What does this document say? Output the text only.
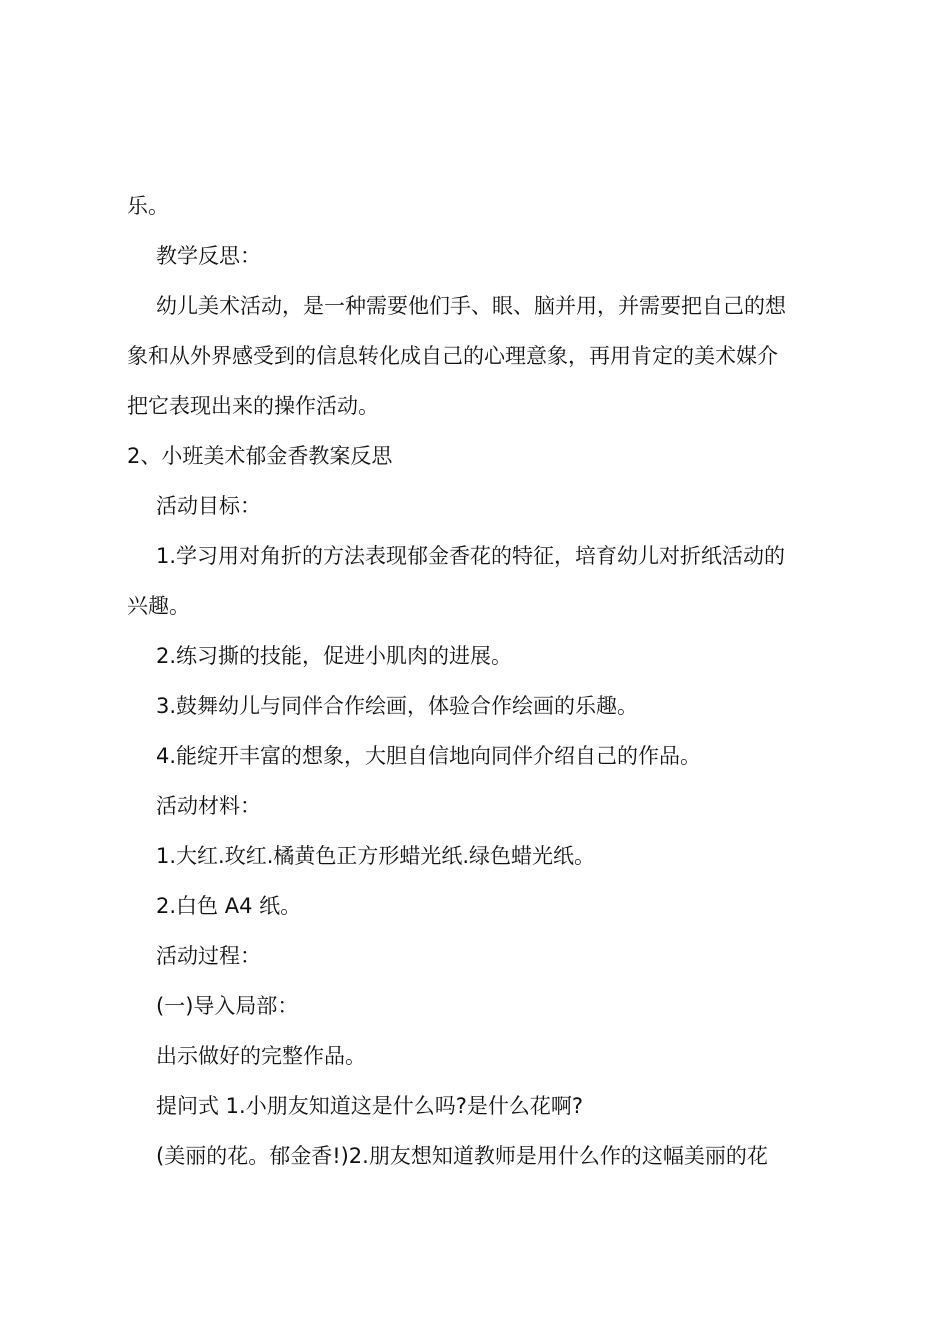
乐。

教学反思：

幼儿美术活动，是一种需要他们手、眼、脑并用，并需要把自己的想

象和从外界感受到的信息转化成自己的心理意象，再用肯定的美术媒介

把它表现出来的操作活动。

2、小班美术郁金香教案反思

活动目标：

1.学习用对角折的方法表现郁金香花的特征，培育幼儿对折纸活动的

兴趣。

2.练习撕的技能，促进小肌肉的进展。

3.鼓舞幼儿与同伴合作绘画，体验合作绘画的乐趣。

4.能绽开丰富的想象，大胆自信地向同伴介绍自己的作品。

活动材料：

1.大红.玫红.橘黄色正方形蜡光纸.绿色蜡光纸。

2.白色 A4 纸。

活动过程：

(一)导入局部：

出示做好的完整作品。

提问式 1.小朋友知道这是什么吗?是什么花啊?

(美丽的花。郁金香!)2.朋友想知道教师是用什么作的这幅美丽的花
